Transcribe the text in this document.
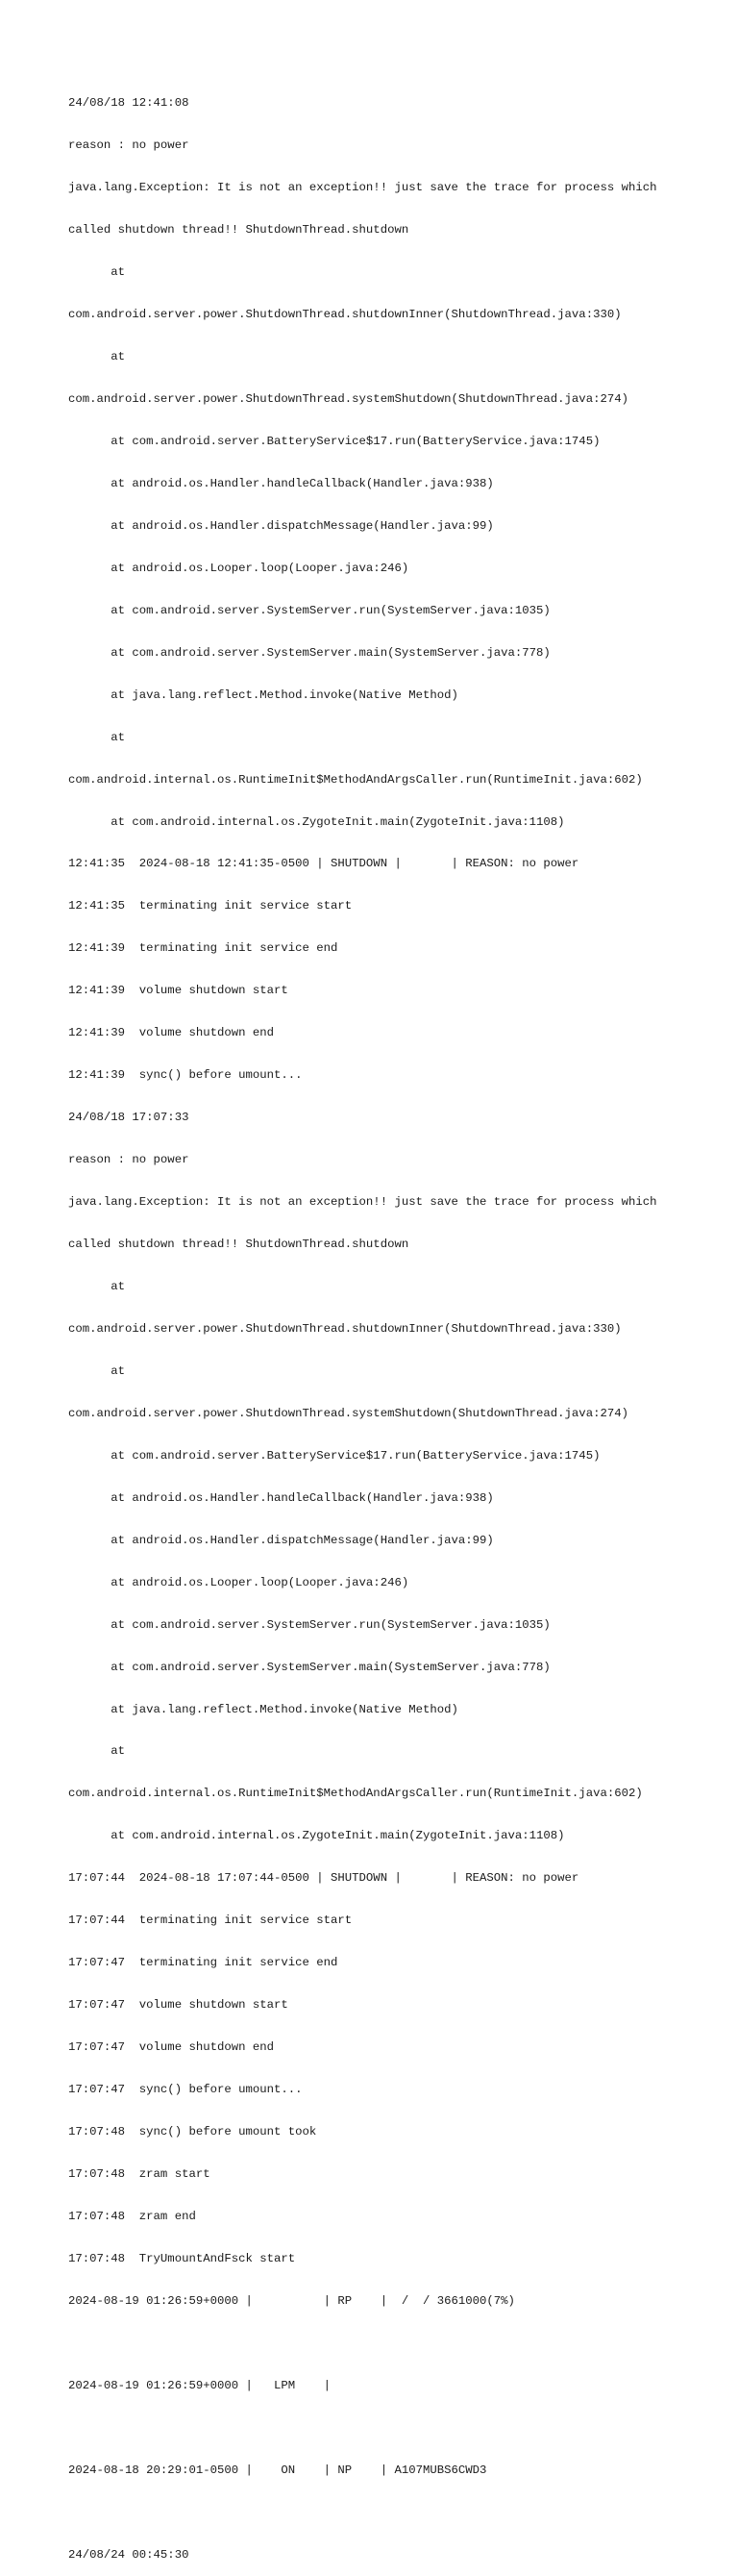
24/08/18 12:41:08

reason : no power

java.lang.Exception: It is not an exception!! just save the trace for process which

called shutdown thread!! ShutdownThread.shutdown

at

com.android.server.power.ShutdownThread.shutdownInner(ShutdownThread.java:330)

at

com.android.server.power.ShutdownThread.systemShutdown(ShutdownThread.java:274)

at com.android.server.BatteryService$17.run(BatteryService.java:1745)

at android.os.Handler.handleCallback(Handler.java:938)

at android.os.Handler.dispatchMessage(Handler.java:99)

at android.os.Looper.loop(Looper.java:246)

at com.android.server.SystemServer.run(SystemServer.java:1035)

at com.android.server.SystemServer.main(SystemServer.java:778)

at java.lang.reflect.Method.invoke(Native Method)

at

com.android.internal.os.RuntimeInit$MethodAndArgsCaller.run(RuntimeInit.java:602)

at com.android.internal.os.ZygoteInit.main(ZygoteInit.java:1108)

12:41:35  2024-08-18 12:41:35-0500 | SHUTDOWN |       | REASON: no power

12:41:35  terminating init service start

12:41:39  terminating init service end

12:41:39  volume shutdown start

12:41:39  volume shutdown end

12:41:39  sync() before umount...

24/08/18 17:07:33

reason : no power

java.lang.Exception: It is not an exception!! just save the trace for process which

called shutdown thread!! ShutdownThread.shutdown

at

com.android.server.power.ShutdownThread.shutdownInner(ShutdownThread.java:330)

at

com.android.server.power.ShutdownThread.systemShutdown(ShutdownThread.java:274)

at com.android.server.BatteryService$17.run(BatteryService.java:1745)

at android.os.Handler.handleCallback(Handler.java:938)

at android.os.Handler.dispatchMessage(Handler.java:99)

at android.os.Looper.loop(Looper.java:246)

at com.android.server.SystemServer.run(SystemServer.java:1035)

at com.android.server.SystemServer.main(SystemServer.java:778)

at java.lang.reflect.Method.invoke(Native Method)

at

com.android.internal.os.RuntimeInit$MethodAndArgsCaller.run(RuntimeInit.java:602)

at com.android.internal.os.ZygoteInit.main(ZygoteInit.java:1108)

17:07:44  2024-08-18 17:07:44-0500 | SHUTDOWN |       | REASON: no power

17:07:44  terminating init service start

17:07:47  terminating init service end

17:07:47  volume shutdown start

17:07:47  volume shutdown end

17:07:47  sync() before umount...

17:07:48  sync() before umount took

17:07:48  zram start

17:07:48  zram end

17:07:48  TryUmountAndFsck start

2024-08-19 01:26:59+0000 |          | RP    |  /  / 3661000(7%)

2024-08-19 01:26:59+0000 |   LPM    |

2024-08-18 20:29:01-0500 |    ON    | NP    | A107MUBS6CWD3

24/08/24 00:45:30
